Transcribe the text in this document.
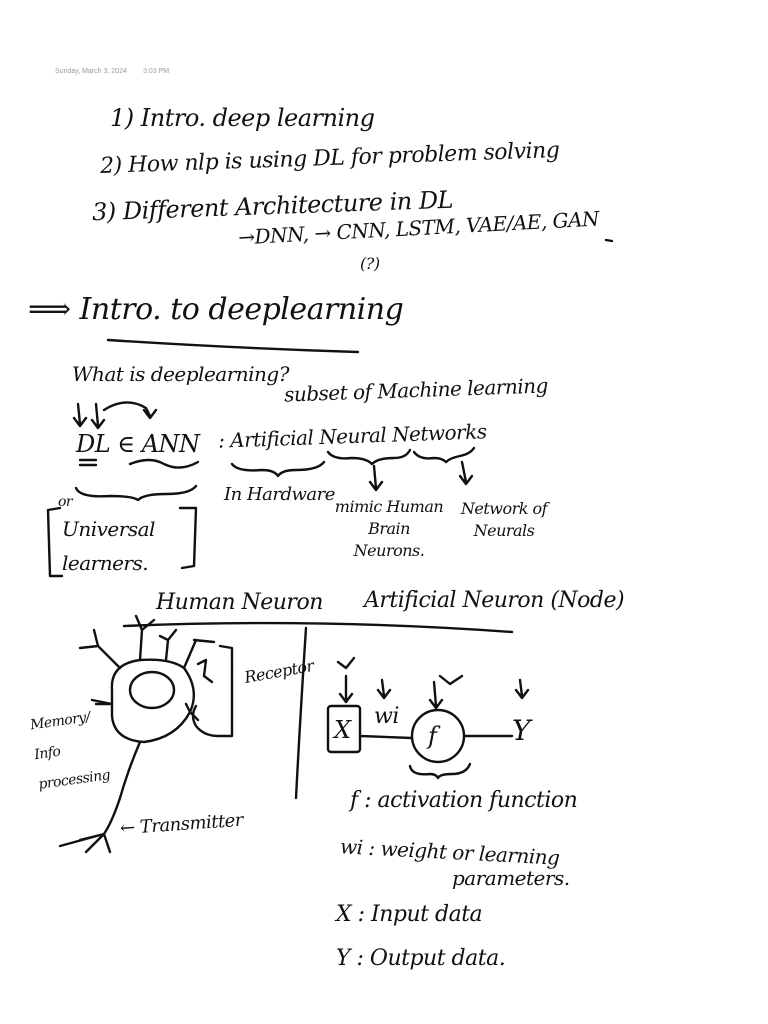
Sunday, March 3, 2024 3:03 PM
1) Intro. deep learning
2) How nlp is using DL for problem solving
3) Different Architecture in DL
→DNN, → CNN, LSTM, VAE/AE, GAN
(?)
⟹ Intro. to deeplearning
What is deeplearning?
subset of Machine learning
DL ∈ ANN : Artificial Neural Networks
or
Universal learners.
In Hardware
mimic Human Brain Neurons.
Network of Neurals
Human Neuron Artificial Neuron (Node)
Memory/ Info processing
Receptor
← Transmitter
X wi
f	Y
f : activation function
wi : weight or learning
parameters.
X : Input data
Y : Output data.
